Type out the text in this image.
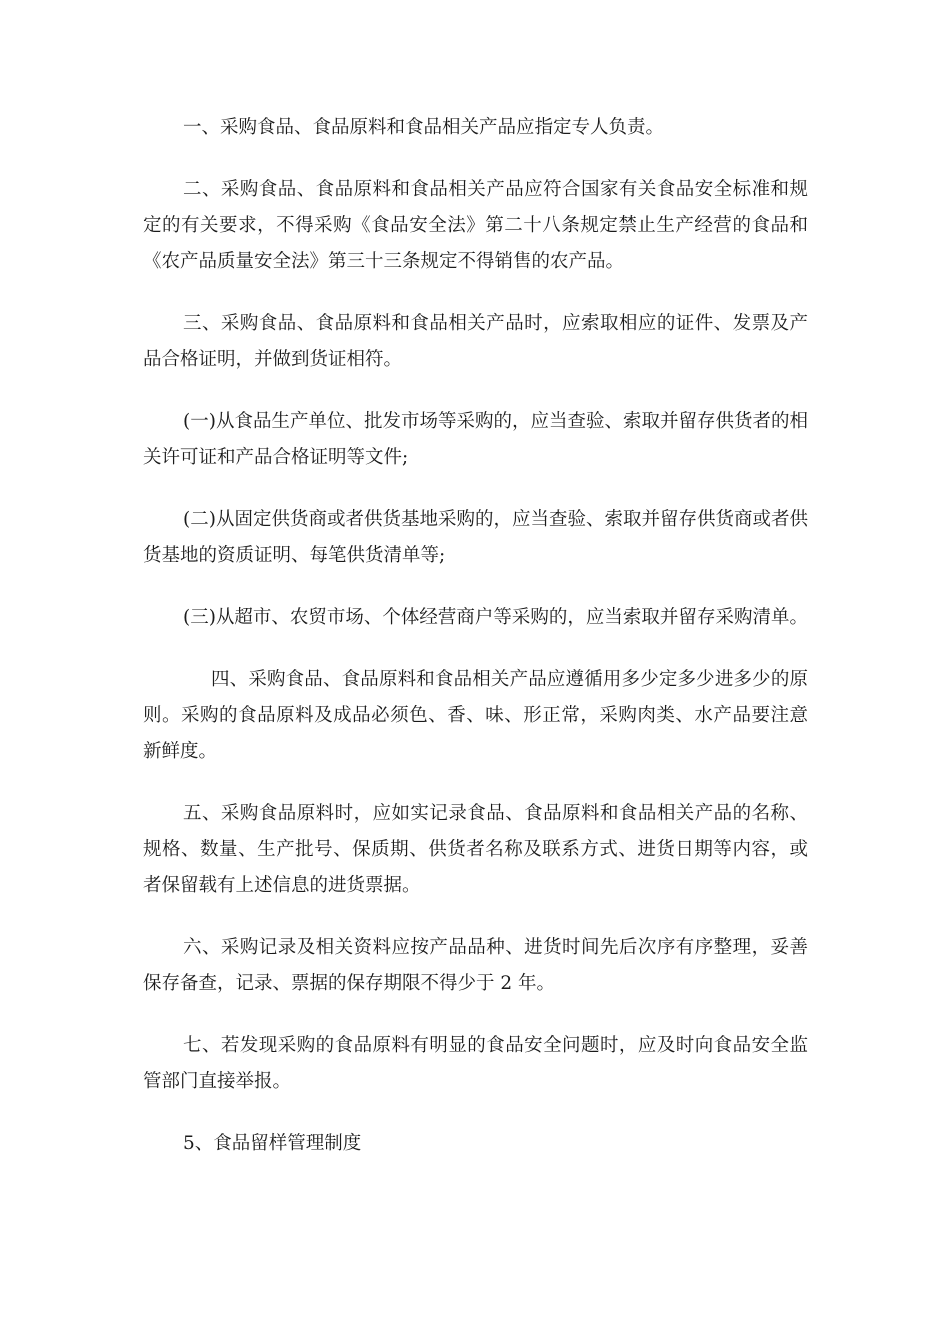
一、采购食品、食品原料和食品相关产品应指定专人负责。

二、采购食品、食品原料和食品相关产品应符合国家有关食品安全标准和规定的有关要求，不得采购《食品安全法》第二十八条规定禁止生产经营的食品和《农产品质量安全法》第三十三条规定不得销售的农产品。

三、采购食品、食品原料和食品相关产品时，应索取相应的证件、发票及产品合格证明，并做到货证相符。

(一)从食品生产单位、批发市场等采购的，应当查验、索取并留存供货者的相关许可证和产品合格证明等文件;

(二)从固定供货商或者供货基地采购的，应当查验、索取并留存供货商或者供货基地的资质证明、每笔供货清单等;

(三)从超市、农贸市场、个体经营商户等采购的，应当索取并留存采购清单。

四、采购食品、食品原料和食品相关产品应遵循用多少定多少进多少的原则。采购的食品原料及成品必须色、香、味、形正常，采购肉类、水产品要注意新鲜度。

五、采购食品原料时，应如实记录食品、食品原料和食品相关产品的名称、规格、数量、生产批号、保质期、供货者名称及联系方式、进货日期等内容，或者保留载有上述信息的进货票据。

六、采购记录及相关资料应按产品品种、进货时间先后次序有序整理，妥善保存备查，记录、票据的保存期限不得少于 2 年。

七、若发现采购的食品原料有明显的食品安全问题时，应及时向食品安全监管部门直接举报。

5、食品留样管理制度
